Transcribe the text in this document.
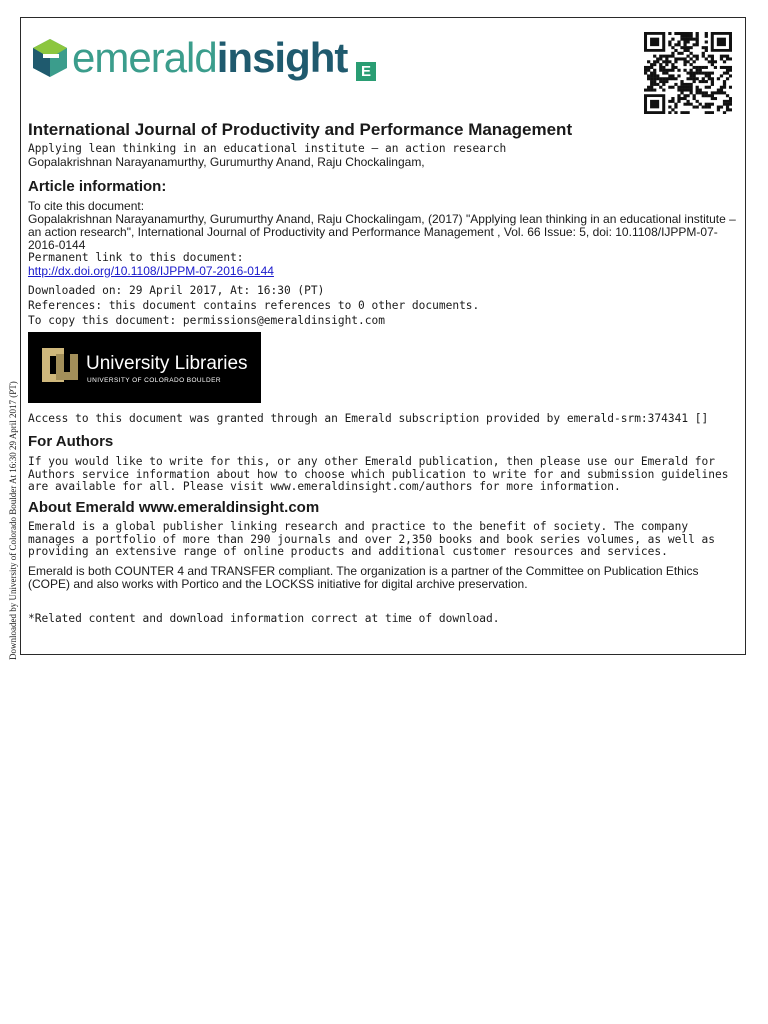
emeraldinsight E

International Journal of Productivity and Performance Management

Applying lean thinking in an educational institute – an action research

Gopalakrishnan Narayanamurthy, Gurumurthy Anand, Raju Chockalingam,

Article information:

To cite this document:

Gopalakrishnan Narayanamurthy, Gurumurthy Anand, Raju Chockalingam, (2017) "Applying lean thinking in an educational institute – an action research", International Journal of Productivity and Performance Management , Vol. 66 Issue: 5, doi: 10.1108/IJPPM-07-2016-0144

Permanent link to this document:

http://dx.doi.org/10.1108/IJPPM-07-2016-0144

Downloaded on: 29 April 2017, At: 16:30 (PT)

References: this document contains references to 0 other documents.

To copy this document: permissions@emeraldinsight.com

University Libraries
UNIVERSITY OF COLORADO BOULDER

Access to this document was granted through an Emerald subscription provided by emerald-srm:374341 []

For Authors

If you would like to write for this, or any other Emerald publication, then please use our Emerald for Authors service information about how to choose which publication to write for and submission guidelines are available for all. Please visit www.emeraldinsight.com/authors for more information.

About Emerald www.emeraldinsight.com

Emerald is a global publisher linking research and practice to the benefit of society. The company manages a portfolio of more than 290 journals and over 2,350 books and book series volumes, as well as providing an extensive range of online products and additional customer resources and services.

Emerald is both COUNTER 4 and TRANSFER compliant. The organization is a partner of the Committee on Publication Ethics (COPE) and also works with Portico and the LOCKSS initiative for digital archive preservation.

*Related content and download information correct at time of download.

Downloaded by University of Colorado Boulder At 16:30 29 April 2017 (PT)
